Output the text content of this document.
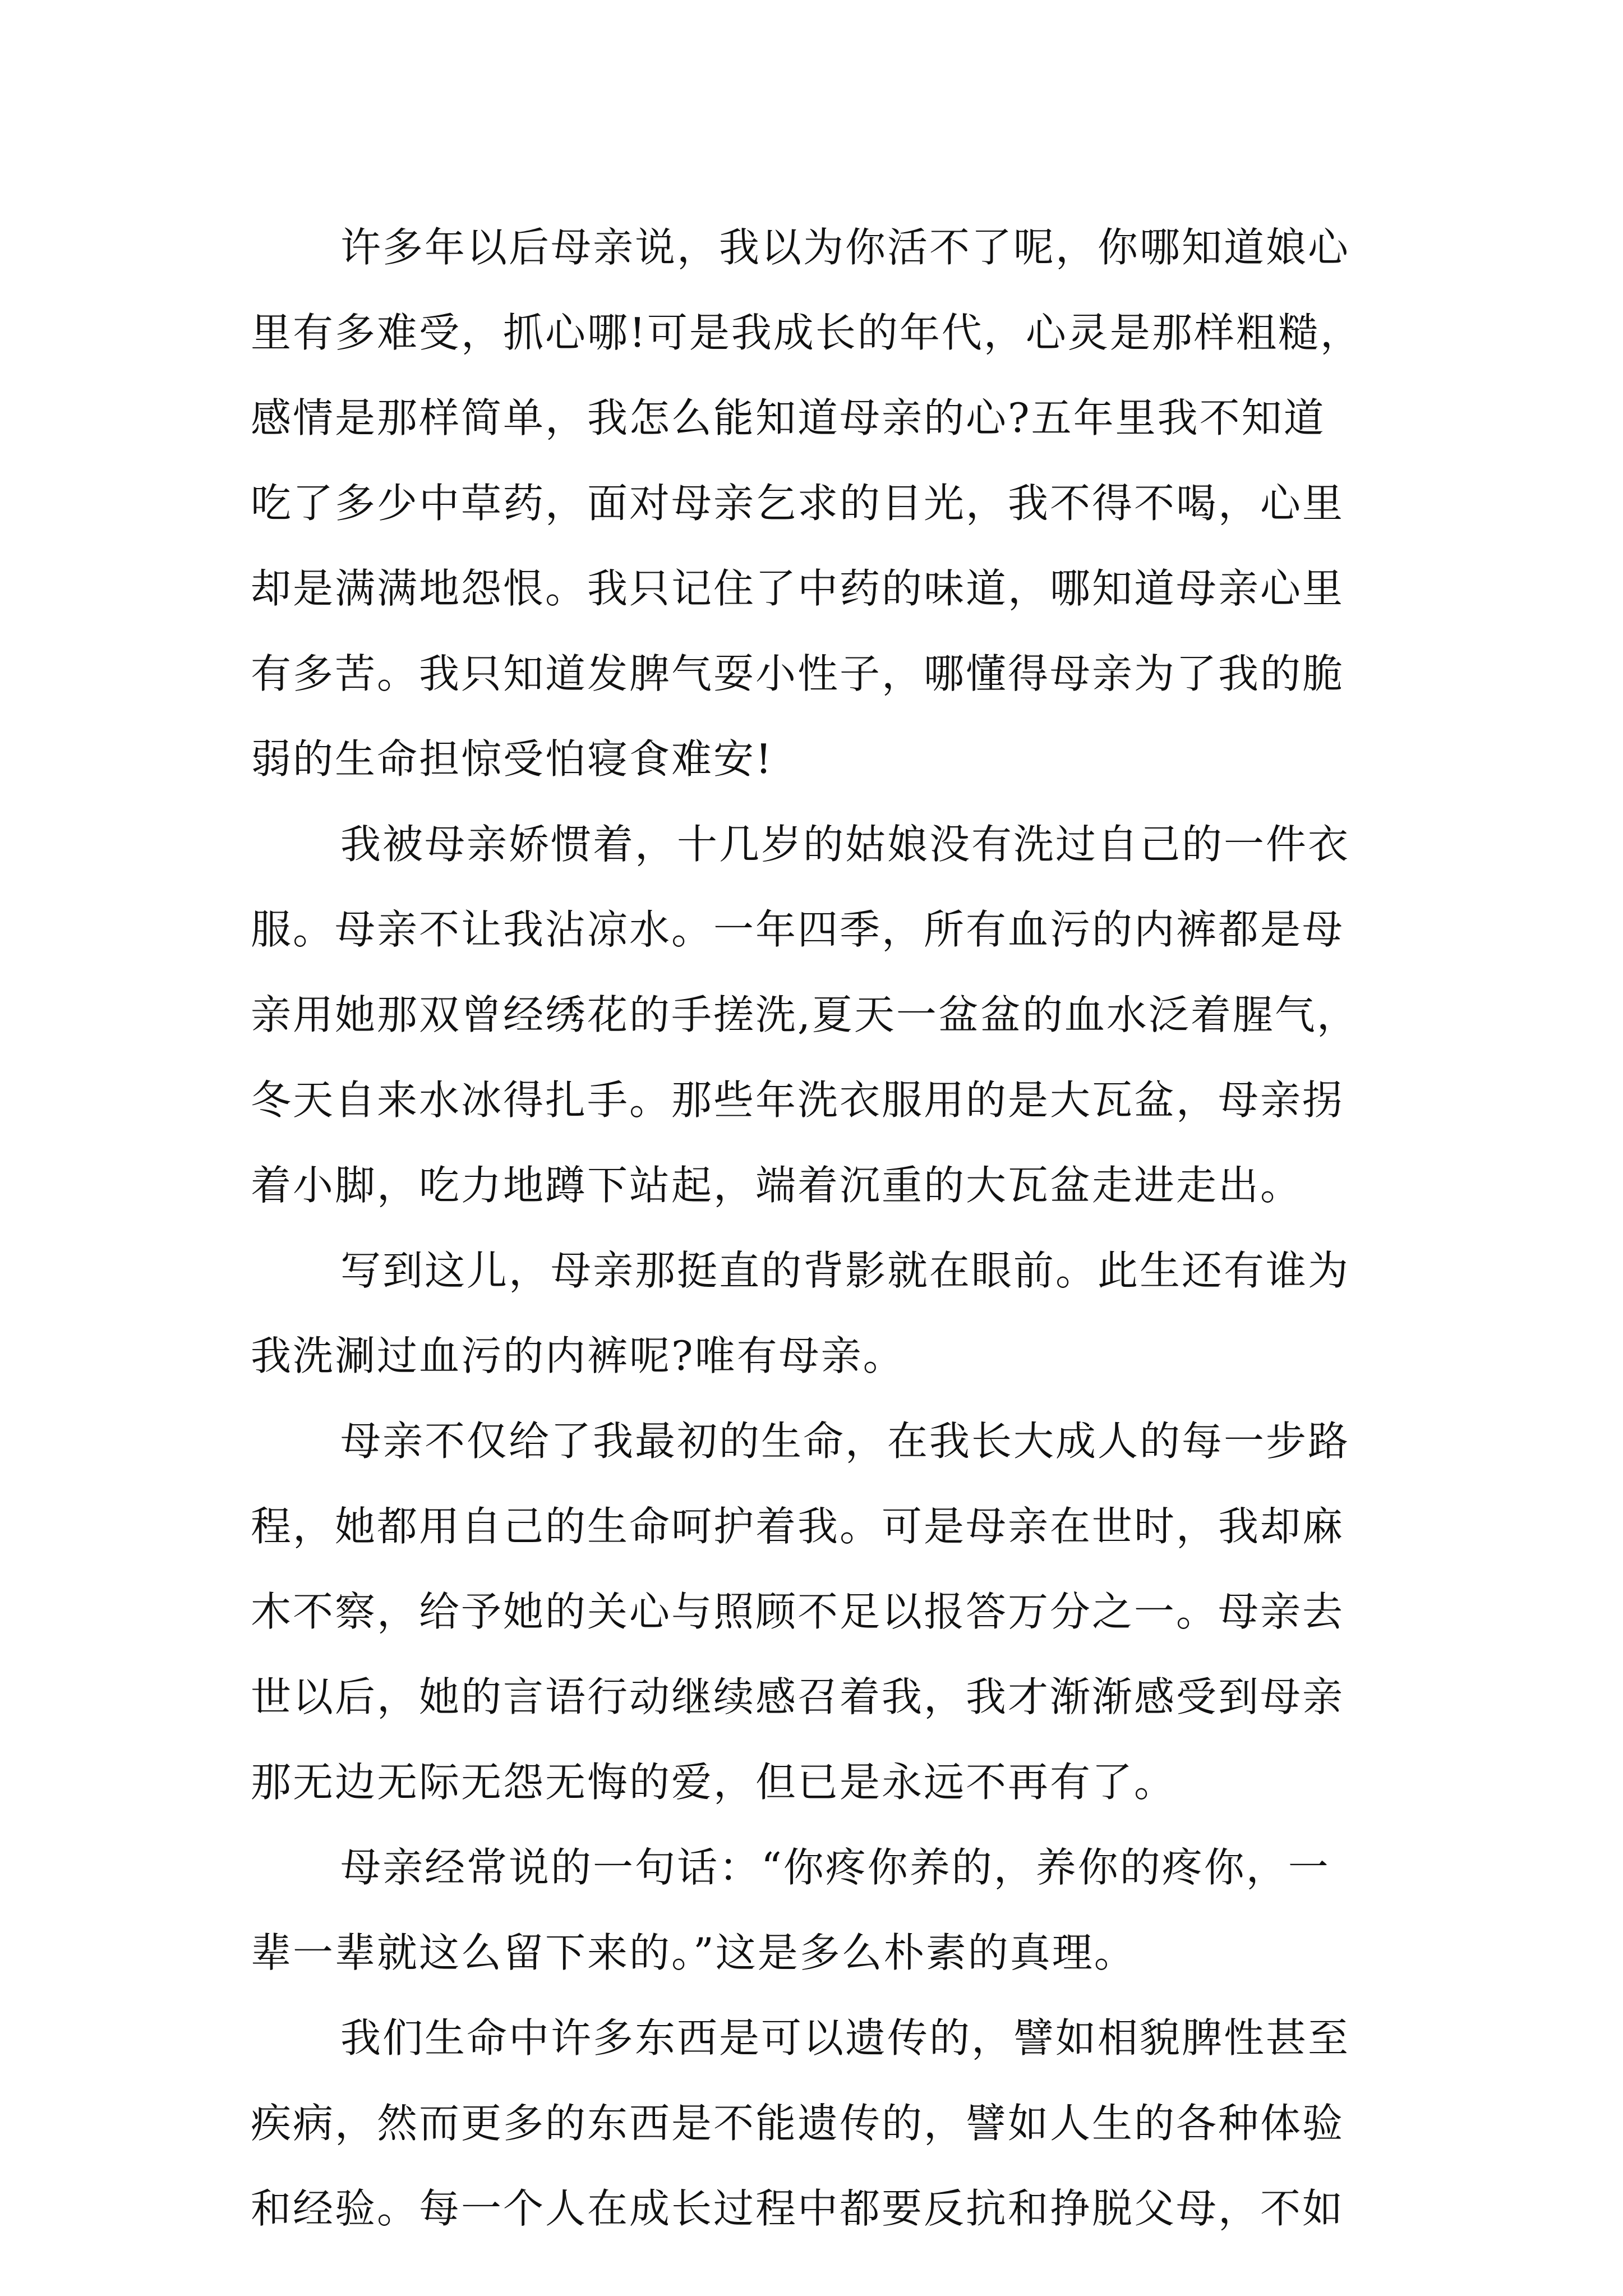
许多年以后母亲说，我以为你活不了呢，你哪知道娘心
里有多难受，抓心哪!可是我成长的年代，心灵是那样粗糙，
感情是那样简单，我怎么能知道母亲的心?五年里我不知道
吃了多少中草药，面对母亲乞求的目光，我不得不喝，心里
却是满满地怨恨。我只记住了中药的味道，哪知道母亲心里
有多苦。我只知道发脾气耍小性子，哪懂得母亲为了我的脆
弱的生命担惊受怕寝食难安!
我被母亲娇惯着，十几岁的姑娘没有洗过自己的一件衣
服。母亲不让我沾凉水。一年四季，所有血污的内裤都是母
亲用她那双曾经绣花的手搓洗,夏天一盆盆的血水泛着腥气，
冬天自来水冰得扎手。那些年洗衣服用的是大瓦盆，母亲拐
着小脚，吃力地蹲下站起，端着沉重的大瓦盆走进走出。
写到这儿，母亲那挺直的背影就在眼前。此生还有谁为
我洗涮过血污的内裤呢?唯有母亲。
母亲不仅给了我最初的生命，在我长大成人的每一步路
程，她都用自己的生命呵护着我。可是母亲在世时，我却麻
木不察，给予她的关心与照顾不足以报答万分之一。母亲去
世以后，她的言语行动继续感召着我，我才渐渐感受到母亲
那无边无际无怨无悔的爱，但已是永远不再有了。
母亲经常说的一句话：“你疼你养的，养你的疼你，一
辈一辈就这么留下来的。”这是多么朴素的真理。
我们生命中许多东西是可以遗传的，譬如相貌脾性甚至
疾病，然而更多的东西是不能遗传的，譬如人生的各种体验
和经验。每一个人在成长过程中都要反抗和挣脱父母，不如
